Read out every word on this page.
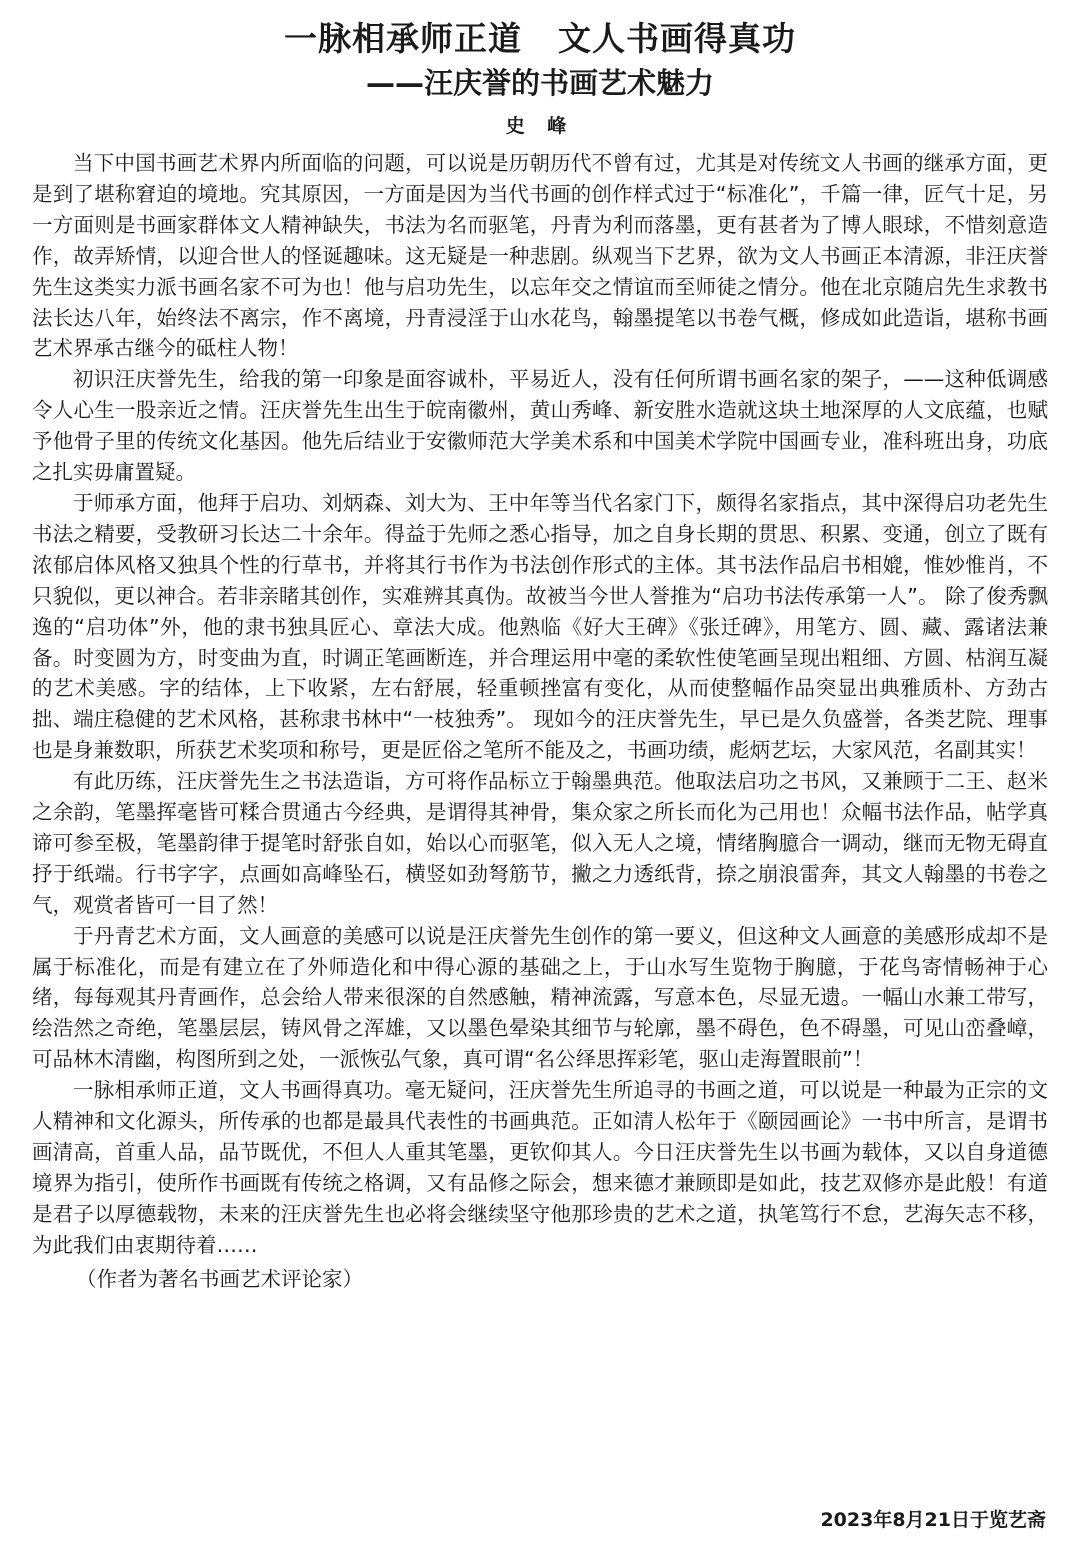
一脉相承师正道 文人书画得真功
——汪庆誉的书画艺术魅力
史 峰

当下中国书画艺术界内所面临的问题，可以说是历朝历代不曾有过，尤其是对传统文人书画的继承方面，更是到了堪称窘迫的境地。究其原因，一方面是因为当代书画的创作样式过于“标准化”，千篇一律，匠气十足，另一方面则是书画家群体文人精神缺失，书法为名而驱笔，丹青为利而落墨，更有甚者为了博人眼球，不惜刻意造作，故弄矫情，以迎合世人的怪诞趣味。这无疑是一种悲剧。纵观当下艺界，欲为文人书画正本清源，非汪庆誉先生这类实力派书画名家不可为也！他与启功先生，以忘年交之情谊而至师徒之情分。他在北京随启先生求教书法长达八年，始终法不离宗，作不离境，丹青浸淫于山水花鸟，翰墨提笔以书卷气概，修成如此造诣，堪称书画艺术界承古继今的砥柱人物！

初识汪庆誉先生，给我的第一印象是面容诚朴，平易近人，没有任何所谓书画名家的架子，——这种低调感令人心生一股亲近之情。汪庆誉先生出生于皖南徽州，黄山秀峰、新安胜水造就这块土地深厚的人文底蕴，也赋予他骨子里的传统文化基因。他先后结业于安徽师范大学美术系和中国美术学院中国画专业，准科班出身，功底之扎实毋庸置疑。

于师承方面，他拜于启功、刘炳森、刘大为、王中年等当代名家门下，颇得名家指点，其中深得启功老先生书法之精要，受教研习长达二十余年。得益于先师之悉心指导，加之自身长期的贯思、积累、变通，创立了既有浓郁启体风格又独具个性的行草书，并将其行书作为书法创作形式的主体。其书法作品启书相媲，惟妙惟肖，不只貌似，更以神合。若非亲睹其创作，实难辨其真伪。故被当今世人誉推为“启功书法传承第一人”。 除了俊秀飘逸的“启功体”外，他的隶书独具匠心、章法大成。他熟临《好大王碑》《张迁碑》，用笔方、圆、藏、露诸法兼备。时变圆为方，时变曲为直，时调正笔画断连，并合理运用中毫的柔软性使笔画呈现出粗细、方圆、枯润互凝的艺术美感。字的结体，上下收紧，左右舒展，轻重顿挫富有变化，从而使整幅作品突显出典雅质朴、方劲古拙、端庄稳健的艺术风格，甚称隶书林中“一枝独秀”。 现如今的汪庆誉先生，早已是久负盛誉，各类艺院、理事也是身兼数职，所获艺术奖项和称号，更是匠俗之笔所不能及之，书画功绩，彪炳艺坛，大家风范，名副其实！

有此历练，汪庆誉先生之书法造诣，方可将作品标立于翰墨典范。他取法启功之书风，又兼顾于二王、赵米之余韵，笔墨挥毫皆可糅合贯通古今经典，是谓得其神骨，集众家之所长而化为己用也！众幅书法作品，帖学真谛可参至极，笔墨韵律于提笔时舒张自如，始以心而驱笔，似入无人之境，情绪胸臆合一调动，继而无物无碍直抒于纸端。行书字字，点画如高峰坠石，横竖如劲弩筋节，撇之力透纸背，捺之崩浪雷奔，其文人翰墨的书卷之气，观赏者皆可一目了然！

于丹青艺术方面，文人画意的美感可以说是汪庆誉先生创作的第一要义，但这种文人画意的美感形成却不是属于标准化，而是有建立在了外师造化和中得心源的基础之上，于山水写生览物于胸臆，于花鸟寄情畅神于心绪，每每观其丹青画作，总会给人带来很深的自然感触，精神流露，写意本色，尽显无遗。一幅山水兼工带写，绘浩然之奇绝，笔墨层层，铸风骨之浑雄，又以墨色晕染其细节与轮廓，墨不碍色，色不碍墨，可见山峦叠嶂，可品林木清幽，构图所到之处，一派恢弘气象，真可谓“名公绎思挥彩笔，驱山走海置眼前”！

一脉相承师正道，文人书画得真功。毫无疑问，汪庆誉先生所追寻的书画之道，可以说是一种最为正宗的文人精神和文化源头，所传承的也都是最具代表性的书画典范。正如清人松年于《颐园画论》一书中所言，是谓书画清高，首重人品，品节既优，不但人人重其笔墨，更钦仰其人。今日汪庆誉先生以书画为载体，又以自身道德境界为指引，使所作书画既有传统之格调，又有品修之际会，想来德才兼顾即是如此，技艺双修亦是此般！有道是君子以厚德载物，未来的汪庆誉先生也必将会继续坚守他那珍贵的艺术之道，执笔笃行不怠，艺海矢志不移，为此我们由衷期待着……

（作者为著名书画艺术评论家）
2023年8月21日于览艺斋
